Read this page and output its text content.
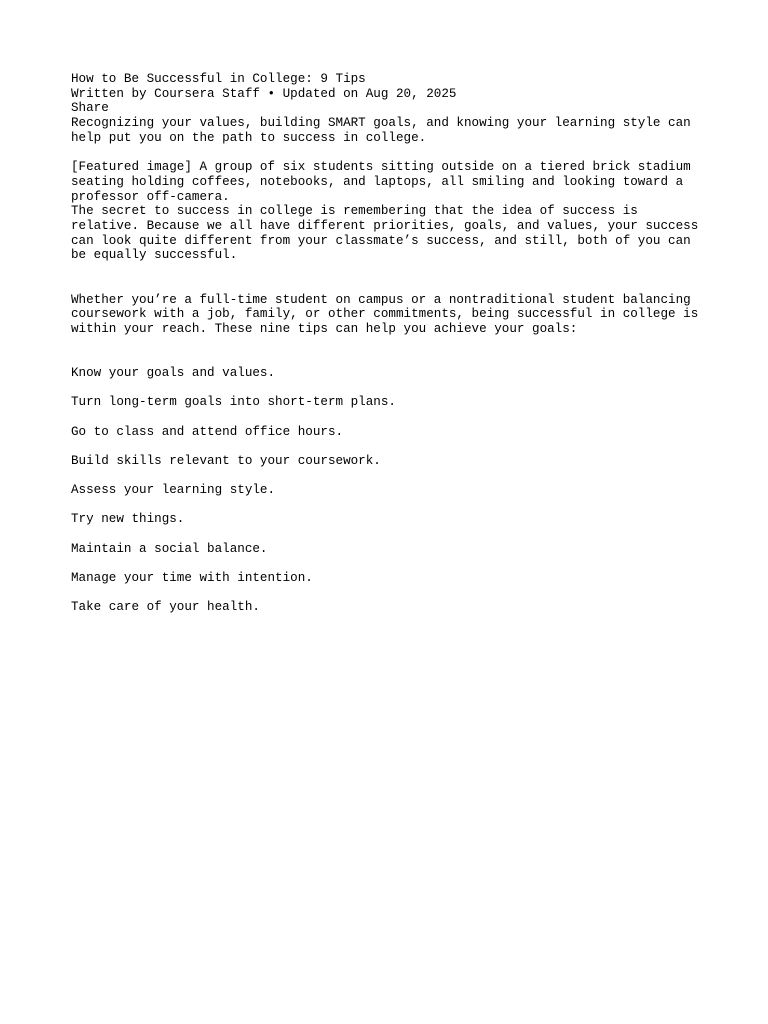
How to Be Successful in College: 9 Tips
Written by Coursera Staff • Updated on Aug 20, 2025
Share

Recognizing your values, building SMART goals, and knowing your learning style can help put you on the path to success in college.

[Featured image] A group of six students sitting outside on a tiered brick stadium seating holding coffees, notebooks, and laptops, all smiling and looking toward a professor off-camera.

The secret to success in college is remembering that the idea of success is relative. Because we all have different priorities, goals, and values, your success can look quite different from your classmate’s success, and still, both of you can be equally successful.

Whether you’re a full-time student on campus or a nontraditional student balancing coursework with a job, family, or other commitments, being successful in college is within your reach. These nine tips can help you achieve your goals:

Know your goals and values.
Turn long-term goals into short-term plans.
Go to class and attend office hours.
Build skills relevant to your coursework.
Assess your learning style.
Try new things.
Maintain a social balance.
Manage your time with intention.
Take care of your health.
